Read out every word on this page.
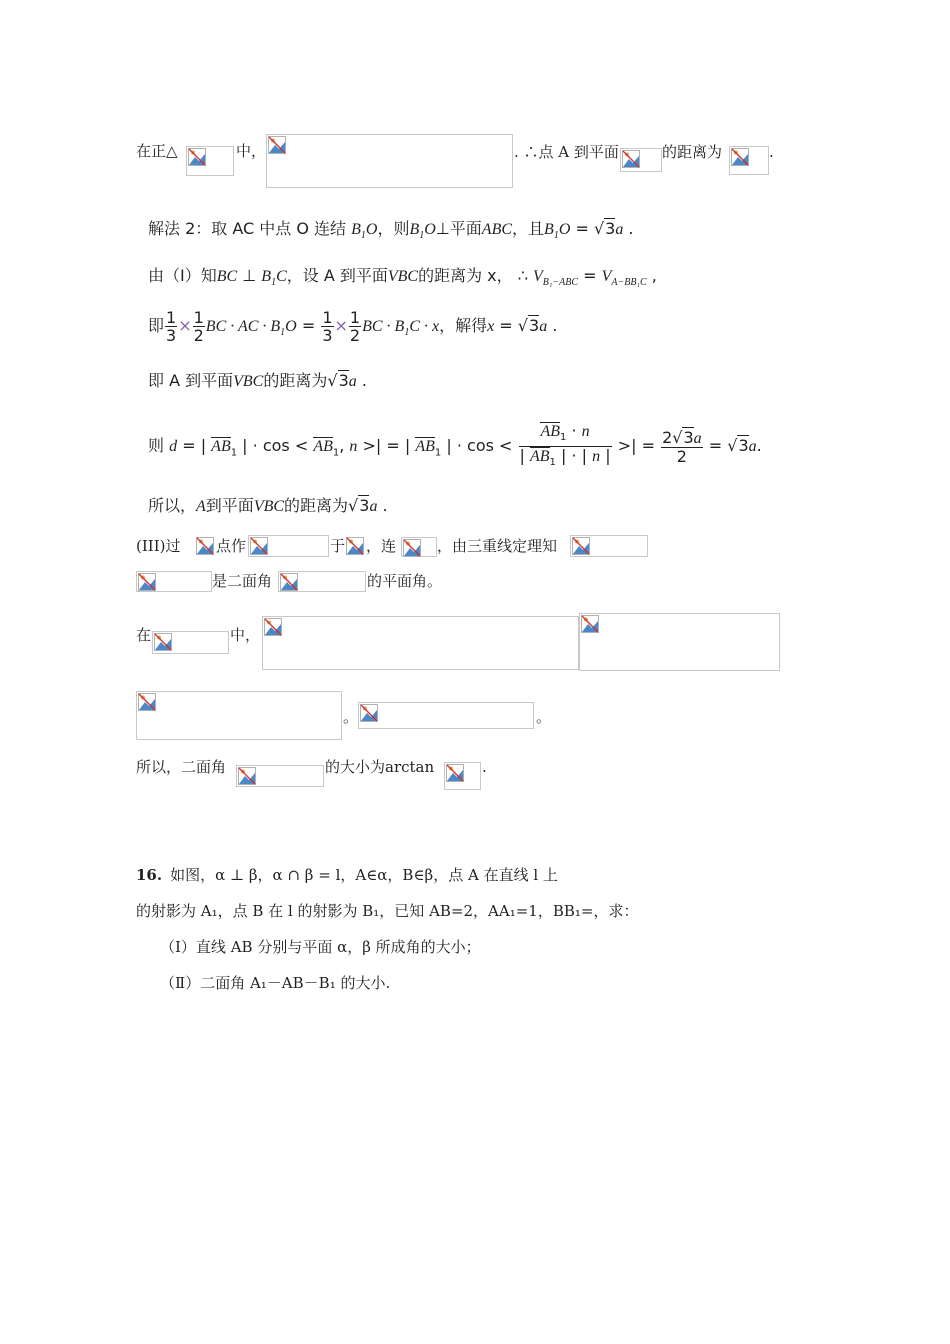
在正△	中，	. ∴点 A 到平面	的距离为	.
解法 2：取 AC 中点 O 连结 $B_1O$，则$B_1O\perp$平面ABC，且$B_1O = √3a$ .
由（Ⅰ）知BC ⊥ $B_1C$，设 A 到平面VBC的距离为 x， ∴ $V_{B_1-ABC} = V_{A-BB_1C}$ ,
即 $\frac{1}{3} \times \frac{1}{2}$ BC · AC · $B_1O = \frac{1}{3} \times \frac{1}{2}$ BC · $B_1C \cdot x$，解得x = √3a .
即 A 到平面VBC的距离为√3a .
则 d = | $AB_1$ | · $\cos < AB_1$, n >| = | $AB_1$ | · $\cos < \frac{AB_1 \cdot n}{| AB_1 | \cdot | n |}$ >| = $\frac{2√3a}{2} = √3a$.
所以，A到平面VBC的距离为√3a .
(III)过 点作	于 ，连	，由三重线定理知
是二面角	的平面角。
在	中，
。	。
所以，二面角	的大小为arctan	.
16. 如图，α ⊥ β，α ∩ β = l，A∈α，B∈β，点 A 在直线 l 上
的射影为 A₁，点 B 在 l 的射影为 B₁，已知 AB=2，AA₁=1，BB₁=，求：
（Ⅰ）直线 AB 分别与平面 α，β 所成角的大小；
（Ⅱ）二面角 A₁－AB－B₁ 的大小.
